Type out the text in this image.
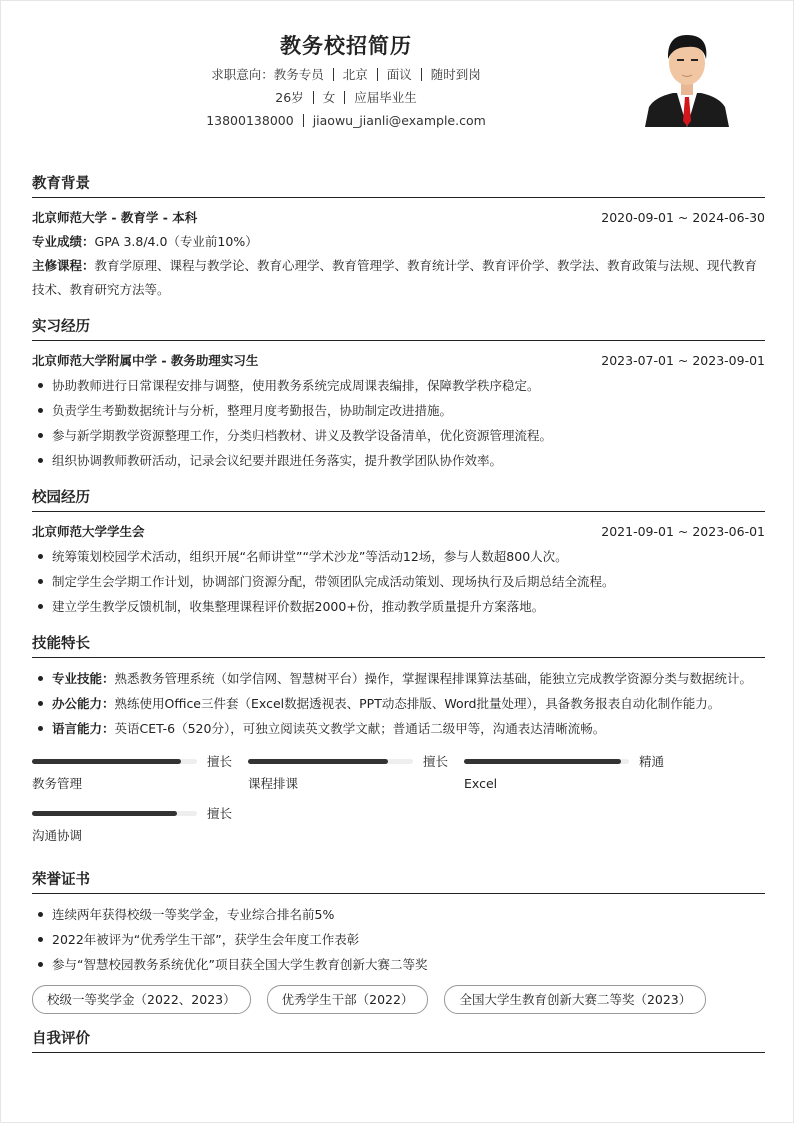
教务校招简历
求职意向：教务专员 北京 面议 随时到岗
26岁 女 应届毕业生
13800138000 jiaowu_jianli@example.com
教育背景
北京师范大学 - 教育学 - 本科	2020-09-01 ~ 2024-06-30
专业成绩：GPA 3.8/4.0（专业前10%）
主修课程：教育学原理、课程与教学论、教育心理学、教育管理学、教育统计学、教育评价学、教学法、教育政策与法规、现代教育技术、教育研究方法等。
实习经历
北京师范大学附属中学 - 教务助理实习生	2023-07-01 ~ 2023-09-01
协助教师进行日常课程安排与调整，使用教务系统完成周课表编排，保障教学秩序稳定。
负责学生考勤数据统计与分析，整理月度考勤报告，协助制定改进措施。
参与新学期教学资源整理工作，分类归档教材、讲义及教学设备清单，优化资源管理流程。
组织协调教师教研活动，记录会议纪要并跟进任务落实，提升教学团队协作效率。
校园经历
北京师范大学学生会	2021-09-01 ~ 2023-06-01
统筹策划校园学术活动，组织开展“名师讲堂”“学术沙龙”等活动12场，参与人数超800人次。
制定学生会学期工作计划，协调部门资源分配，带领团队完成活动策划、现场执行及后期总结全流程。
建立学生教学反馈机制，收集整理课程评价数据2000+份，推动教学质量提升方案落地。
技能特长
专业技能：熟悉教务管理系统（如学信网、智慧树平台）操作，掌握课程排课算法基础，能独立完成教学资源分类与数据统计。
办公能力：熟练使用Office三件套（Excel数据透视表、PPT动态排版、Word批量处理），具备教务报表自动化制作能力。
语言能力：英语CET-6（520分），可独立阅读英文教学文献；普通话二级甲等，沟通表达清晰流畅。
擅长
教务管理
擅长
课程排课
精通
Excel
擅长
沟通协调
荣誉证书
连续两年获得校级一等奖学金，专业综合排名前5%
2022年被评为“优秀学生干部”，获学生会年度工作表彰
参与“智慧校园教务系统优化”项目获全国大学生教育创新大赛二等奖
校级一等奖学金（2022、2023）	优秀学生干部（2022）	全国大学生教育创新大赛二等奖（2023）
自我评价
